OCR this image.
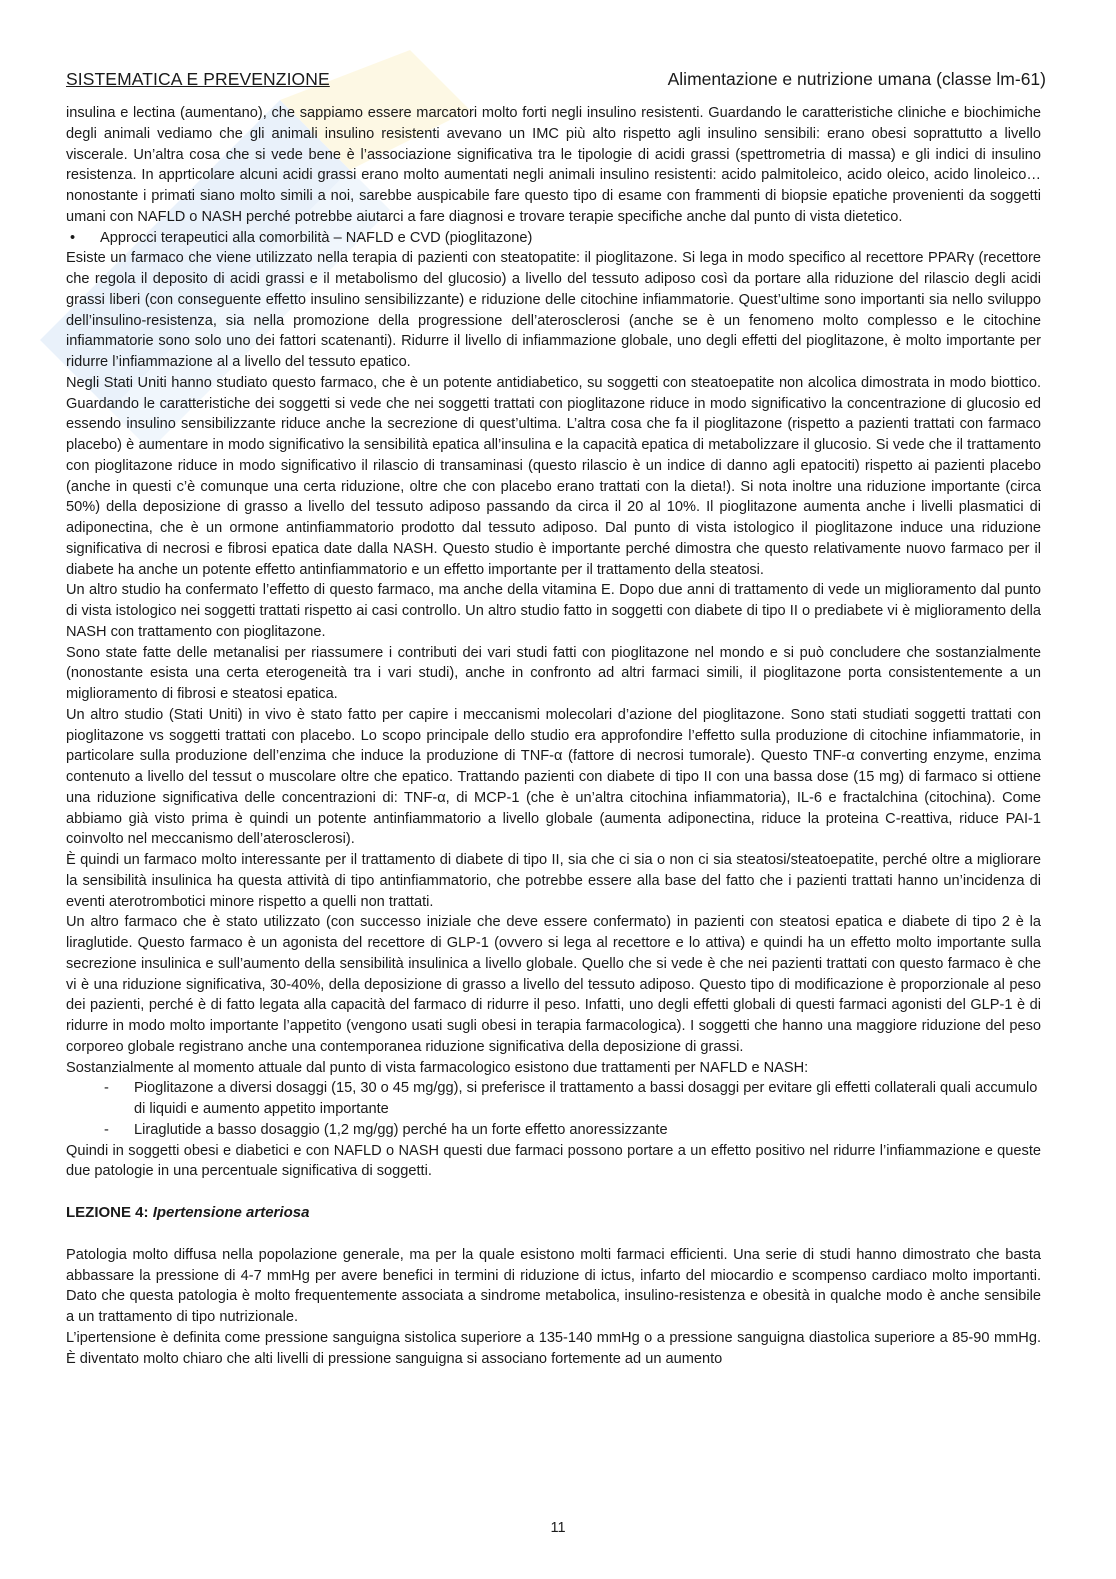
SISTEMATICA E PREVENZIONE	Alimentazione e nutrizione umana (classe lm-61)

insulina e lectina (aumentano), che sappiamo essere marcatori molto forti negli insulino resistenti. Guardando le caratteristiche cliniche e biochimiche degli animali vediamo che gli animali insulino resistenti avevano un IMC più alto rispetto agli insulino sensibili: erano obesi soprattutto a livello viscerale. Un’altra cosa che si vede bene è l’associazione significativa tra le tipologie di acidi grassi (spettrometria di massa) e gli indici di insulino resistenza. In apprticolare alcuni acidi grassi erano molto aumentati negli animali insulino resistenti: acido palmitoleico, acido oleico, acido linoleico… nonostante i primati siano molto simili a noi, sarebbe auspicabile fare questo tipo di esame con frammenti di biopsie epatiche provenienti da soggetti umani con NAFLD o NASH perché potrebbe aiutarci a fare diagnosi e trovare terapie specifiche anche dal punto di vista dietetico.

• Approcci terapeutici alla comorbilità – NAFLD e CVD (pioglitazone)

Esiste un farmaco che viene utilizzato nella terapia di pazienti con steatopatite: il pioglitazone. Si lega in modo specifico al recettore PPARγ (recettore che regola il deposito di acidi grassi e il metabolismo del glucosio) a livello del tessuto adiposo così da portare alla riduzione del rilascio degli acidi grassi liberi (con conseguente effetto insulino sensibilizzante) e riduzione delle citochine infiammatorie. Quest’ultime sono importanti sia nello sviluppo dell’insulino-resistenza, sia nella promozione della progressione dell’aterosclerosi (anche se è un fenomeno molto complesso e le citochine infiammatorie sono solo uno dei fattori scatenanti). Ridurre il livello di infiammazione globale, uno degli effetti del pioglitazone, è molto importante per ridurre l’infiammazione al a livello del tessuto epatico.

Negli Stati Uniti hanno studiato questo farmaco, che è un potente antidiabetico, su soggetti con steatoepatite non alcolica dimostrata in modo biottico. Guardando le caratteristiche dei soggetti si vede che nei soggetti trattati con pioglitazone riduce in modo significativo la concentrazione di glucosio ed essendo insulino sensibilizzante riduce anche la secrezione di quest’ultima. L’altra cosa che fa il pioglitazone (rispetto a pazienti trattati con farmaco placebo) è aumentare in modo significativo la sensibilità epatica all’insulina e la capacità epatica di metabolizzare il glucosio. Si vede che il trattamento con pioglitazone riduce in modo significativo il rilascio di transaminasi (questo rilascio è un indice di danno agli epatociti) rispetto ai pazienti placebo (anche in questi c’è comunque una certa riduzione, oltre che con placebo erano trattati con la dieta!). Si nota inoltre una riduzione importante (circa 50%) della deposizione di grasso a livello del tessuto adiposo passando da circa il 20 al 10%. Il pioglitazone aumenta anche i livelli plasmatici di adiponectina, che è un ormone antinfiammatorio prodotto dal tessuto adiposo. Dal punto di vista istologico il pioglitazone induce una riduzione significativa di necrosi e fibrosi epatica date dalla NASH. Questo studio è importante perché dimostra che questo relativamente nuovo farmaco per il diabete ha anche un potente effetto antinfiammatorio e un effetto importante per il trattamento della steatosi.

Un altro studio ha confermato l’effetto di questo farmaco, ma anche della vitamina E. Dopo due anni di trattamento di vede un miglioramento dal punto di vista istologico nei soggetti trattati rispetto ai casi controllo. Un altro studio fatto in soggetti con diabete di tipo II o prediabete vi è miglioramento della NASH con trattamento con pioglitazone.

Sono state fatte delle metanalisi per riassumere i contributi dei vari studi fatti con pioglitazone nel mondo e si può concludere che sostanzialmente (nonostante esista una certa eterogeneità tra i vari studi), anche in confronto ad altri farmaci simili, il pioglitazone porta consistentemente a un miglioramento di fibrosi e steatosi epatica.

Un altro studio (Stati Uniti) in vivo è stato fatto per capire i meccanismi molecolari d’azione del pioglitazone. Sono stati studiati soggetti trattati con pioglitazone vs soggetti trattati con placebo. Lo scopo principale dello studio era approfondire l’effetto sulla produzione di citochine infiammatorie, in particolare sulla produzione dell’enzima che induce la produzione di TNF-α (fattore di necrosi tumorale). Questo TNF-α converting enzyme, enzima contenuto a livello del tessut o muscolare oltre che epatico. Trattando pazienti con diabete di tipo II con una bassa dose (15 mg) di farmaco si ottiene una riduzione significativa delle concentrazioni di: TNF-α, di MCP-1 (che è un’altra citochina infiammatoria), IL-6 e fractalchina (citochina). Come abbiamo già visto prima è quindi un potente antinfiammatorio a livello globale (aumenta adiponectina, riduce la proteina C-reattiva, riduce PAI-1 coinvolto nel meccanismo dell’aterosclerosi).

È quindi un farmaco molto interessante per il trattamento di diabete di tipo II, sia che ci sia o non ci sia steatosi/steatoepatite, perché oltre a migliorare la sensibilità insulinica ha questa attività di tipo antinfiammatorio, che potrebbe essere alla base del fatto che i pazienti trattati hanno un’incidenza di eventi aterotrombotici minore rispetto a quelli non trattati.

Un altro farmaco che è stato utilizzato (con successo iniziale che deve essere confermato) in pazienti con steatosi epatica e diabete di tipo 2 è la liraglutide. Questo farmaco è un agonista del recettore di GLP-1 (ovvero si lega al recettore e lo attiva) e quindi ha un effetto molto importante sulla secrezione insulinica e sull’aumento della sensibilità insulinica a livello globale. Quello che si vede è che nei pazienti trattati con questo farmaco è che vi è una riduzione significativa, 30-40%, della deposizione di grasso a livello del tessuto adiposo. Questo tipo di modificazione è proporzionale al peso dei pazienti, perché è di fatto legata alla capacità del farmaco di ridurre il peso. Infatti, uno degli effetti globali di questi farmaci agonisti del GLP-1 è di ridurre in modo molto importante l’appetito (vengono usati sugli obesi in terapia farmacologica). I soggetti che hanno una maggiore riduzione del peso corporeo globale registrano anche una contemporanea riduzione significativa della deposizione di grassi.

Sostanzialmente al momento attuale dal punto di vista farmacologico esistono due trattamenti per NAFLD e NASH:

- Pioglitazone a diversi dosaggi (15, 30 o 45 mg/gg), si preferisce il trattamento a bassi dosaggi per evitare gli effetti collaterali quali accumulo di liquidi e aumento appetito importante
- Liraglutide a basso dosaggio (1,2 mg/gg) perché ha un forte effetto anoressizzante

Quindi in soggetti obesi e diabetici e con NAFLD o NASH questi due farmaci possono portare a un effetto positivo nel ridurre l’infiammazione e queste due patologie in una percentuale significativa di soggetti.

LEZIONE 4: Ipertensione arteriosa

Patologia molto diffusa nella popolazione generale, ma per la quale esistono molti farmaci efficienti. Una serie di studi hanno dimostrato che basta abbassare la pressione di 4-7 mmHg per avere benefici in termini di riduzione di ictus, infarto del miocardio e scompenso cardiaco molto importanti. Dato che questa patologia è molto frequentemente associata a sindrome metabolica, insulino-resistenza e obesità in qualche modo è anche sensibile a un trattamento di tipo nutrizionale.

L’ipertensione è definita come pressione sanguigna sistolica superiore a 135-140 mmHg o a pressione sanguigna diastolica superiore a 85-90 mmHg. È diventato molto chiaro che alti livelli di pressione sanguigna si associano fortemente ad un aumento

11
